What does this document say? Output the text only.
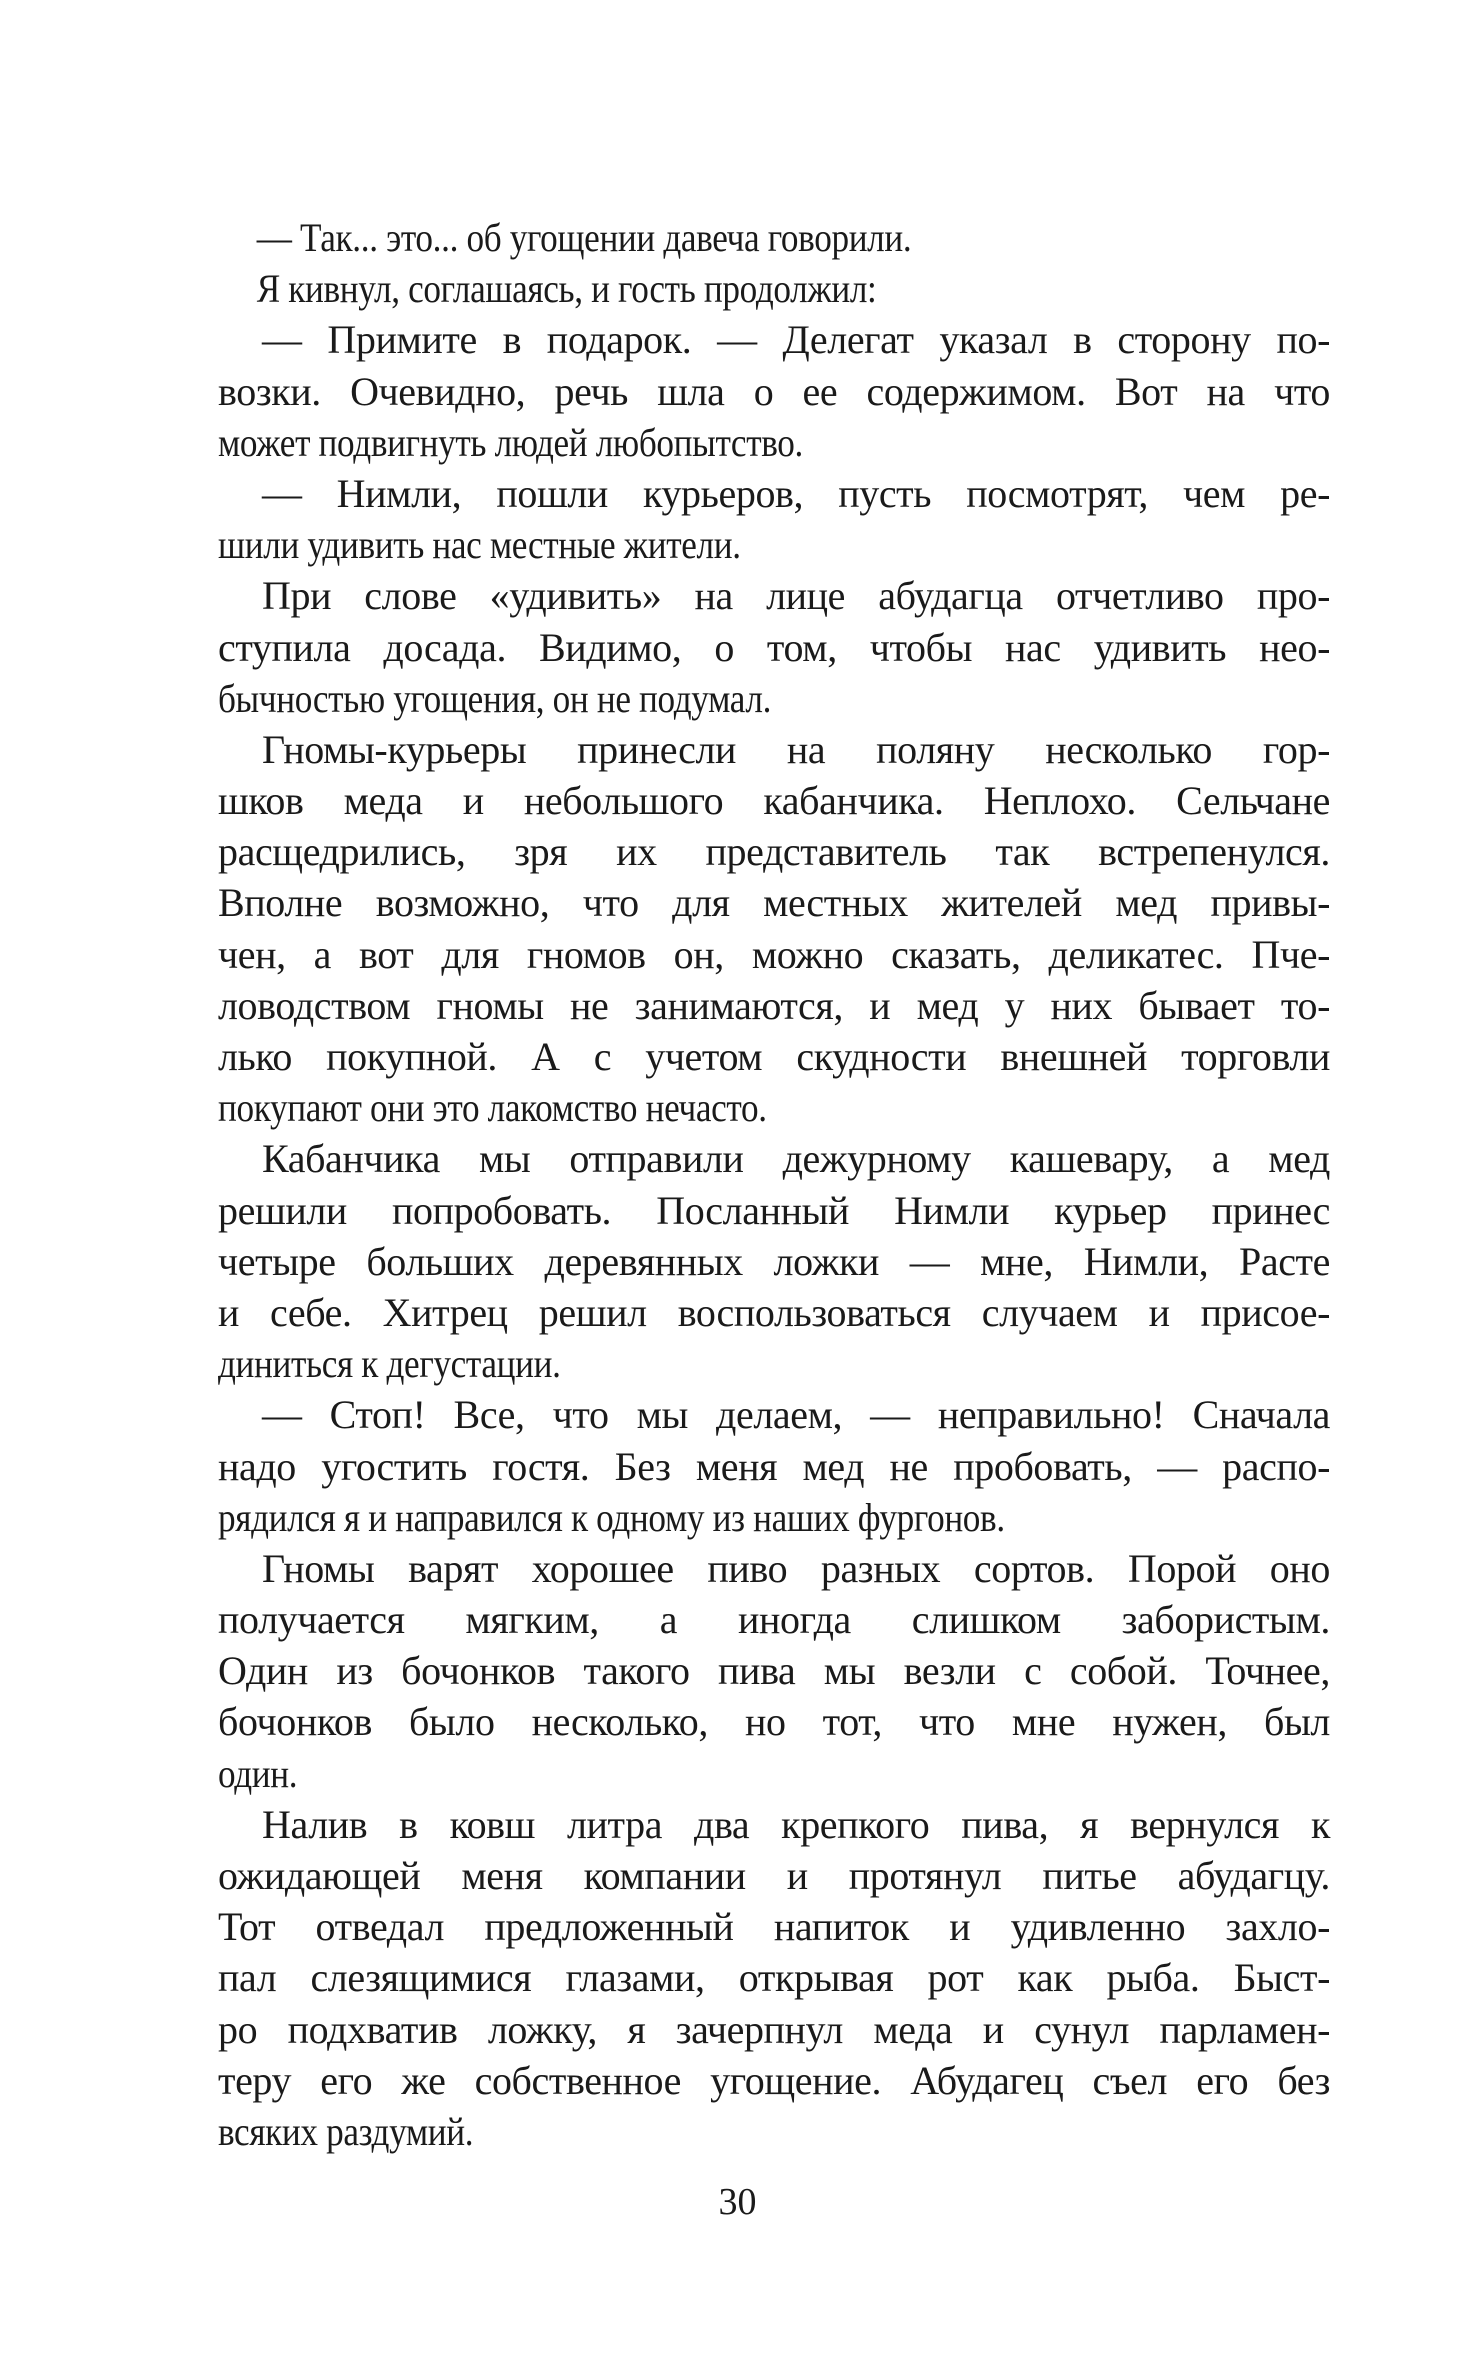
— Так... это... об угощении давеча говорили.
Я кивнул, соглашаясь, и гость продолжил:
— Примите в подарок. — Делегат указал в сторону по-
возки. Очевидно, речь шла о ее содержимом. Вот на что
может подвигнуть людей любопытство.
— Нимли, пошли курьеров, пусть посмотрят, чем ре-
шили удивить нас местные жители.
При слове «удивить» на лице абудагца отчетливо про-
ступила досада. Видимо, о том, чтобы нас удивить нео-
бычностью угощения, он не подумал.
Гномы-курьеры принесли на поляну несколько гор-
шков меда и небольшого кабанчика. Неплохо. Сельчане
расщедрились, зря их представитель так встрепенулся.
Вполне возможно, что для местных жителей мед привы-
чен, а вот для гномов он, можно сказать, деликатес. Пче-
ловодством гномы не занимаются, и мед у них бывает то-
лько покупной. А с учетом скудности внешней торговли
покупают они это лакомство нечасто.
Кабанчика мы отправили дежурному кашевару, а мед
решили попробовать. Посланный Нимли курьер принес
четыре больших деревянных ложки — мне, Нимли, Расте
и себе. Хитрец решил воспользоваться случаем и присое-
диниться к дегустации.
— Стоп! Все, что мы делаем, — неправильно! Сначала
надо угостить гостя. Без меня мед не пробовать, — распо-
рядился я и направился к одному из наших фургонов.
Гномы варят хорошее пиво разных сортов. Порой оно
получается мягким, а иногда слишком забористым.
Один из бочонков такого пива мы везли с собой. Точнее,
бочонков было несколько, но тот, что мне нужен, был
один.
Налив в ковш литра два крепкого пива, я вернулся к
ожидающей меня компании и протянул питье абудагцу.
Тот отведал предложенный напиток и удивленно захло-
пал слезящимися глазами, открывая рот как рыба. Быст-
ро подхватив ложку, я зачерпнул меда и сунул парламен-
теру его же собственное угощение. Абудагец съел его без
всяких раздумий.
30
